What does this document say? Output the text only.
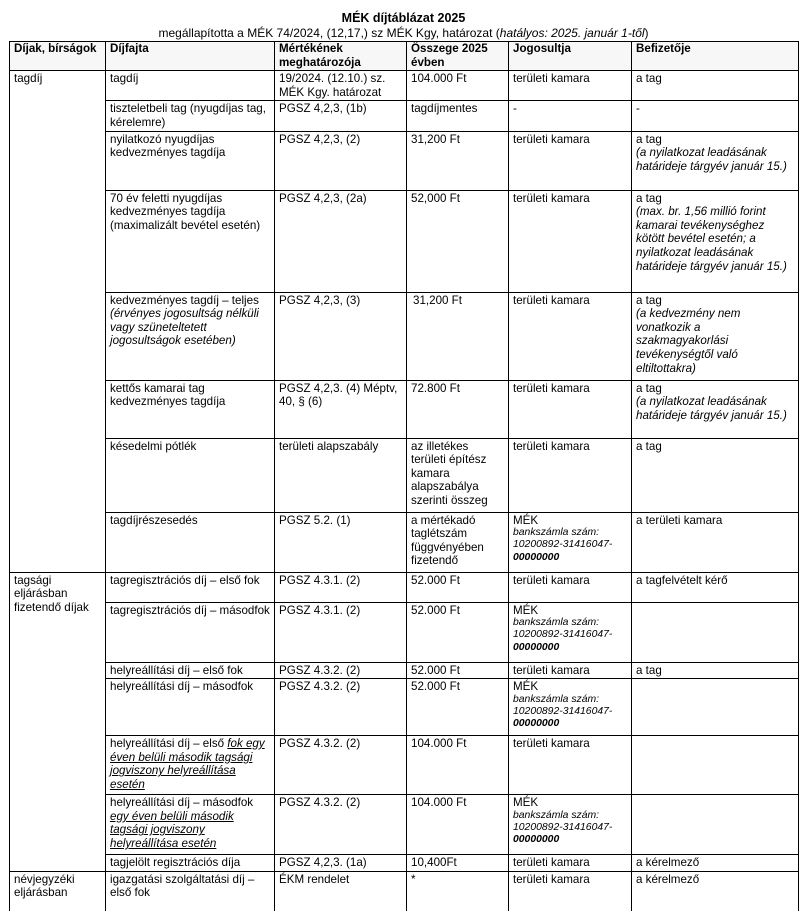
MÉK díjtáblázat 2025
megállapította a MÉK 74/2024, (12,17,) sz MÉK Kgy, határozat (hatályos: 2025. január 1-től)
Díjak, bírságok	Díjfajta	Mértékének meghatározója	Összege 2025 évben	Jogosultja	Befizetője
tagdíj	tagdíj	19/2024. (12.10.) sz. MÉK Kgy. határozat	104.000 Ft	területi kamara	a tag
	tiszteletbeli tag (nyugdíjas tag, kérelemre)	PGSZ 4,2,3, (1b)	tagdíjmentes	-	-
	nyilatkozó nyugdíjas kedvezményes tagdíja	PGSZ 4,2,3, (2)	31,200 Ft	területi kamara	a tag
(a nyilatkozat leadásának határideje tárgyév január 15.)

	70 év feletti nyugdíjas kedvezményes tagdíja (maximalizált bevétel esetén)	PGSZ 4,2,3, (2a)	52,000 Ft	területi kamara	a tag
(max. br. 1,56 millió forint kamarai tevékenységhez kötött bevétel esetén; a nyilatkozat leadásának határideje tárgyév január 15.)

	kedvezményes tagdíj – teljes (érvényes jogosultság nélküli vagy szüneteltetett jogosultságok esetében)	PGSZ 4,2,3, (3)	31,200 Ft	területi kamara	a tag
(a kedvezmény nem vonatkozik a szakmagyakorlási tevékenységtől való eltiltottakra)

	kettős kamarai tag kedvezményes tagdíja	PGSZ 4,2,3. (4) Méptv, 40, § (6)	72.800 Ft	területi kamara	a tag
(a nyilatkozat leadásának határideje tárgyév január 15.)

	késedelmi pótlék	területi alapszabály	az illetékes területi építész kamara alapszabálya szerinti összeg	területi kamara	a tag
	tagdíjrészesedés	PGSZ 5.2. (1)	a mértékadó taglétszám függvényében fizetendő	MÉK
bankszámla szám: 10200892-31416047-
00000000	a területi kamara
tagsági eljárásban fizetendő díjak	tagregisztrációs díj – első fok	PGSZ 4.3.1. (2)	52.000 Ft	területi kamara	a tagfelvételt kérő
	tagregisztrációs díj – másodfok	PGSZ 4.3.1. (2)	52.000 Ft	MÉK
bankszámla szám: 10200892-31416047-
00000000	

	helyreállítási díj – első fok	PGSZ 4.3.2. (2)	52.000 Ft	területi kamara	a tag
	helyreállítási díj – másodfok	PGSZ 4.3.2. (2)	52.000 Ft	MÉK
bankszámla szám: 10200892-31416047-
00000000	

	helyreállítási díj – első fok egy éven belüli második tagsági jogviszony helyreállítása esetén	PGSZ 4.3.2. (2)	104.000 Ft	területi kamara	
	helyreállítási díj – másodfok egy éven belüli második tagsági jogviszony helyreállítása esetén	PGSZ 4.3.2. (2)	104.000 Ft	MÉK
bankszámla szám: 10200892-31416047-
00000000	

	tagjelölt regisztrációs díja	PGSZ 4,2,3. (1a)	10,400Ft	területi kamara	a kérelmező
névjegyzéki eljárásban	igazgatási szolgáltatási díj – első fok	ÉKM rendelet	*	területi kamara	a kérelmező
